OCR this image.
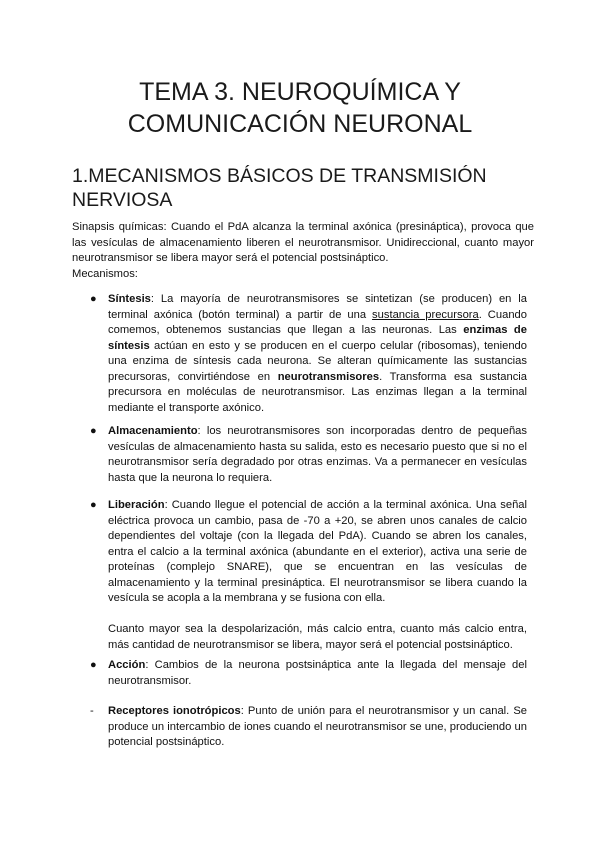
TEMA 3. NEUROQUÍMICA Y
COMUNICACIÓN NEURONAL
1.MECANISMOS BÁSICOS DE TRANSMISIÓN
NERVIOSA
Sinapsis químicas: Cuando el PdA alcanza la terminal axónica (presináptica), provoca que las vesículas de almacenamiento liberen el neurotransmisor. Unidireccional, cuanto mayor neurotransmisor se libera mayor será el potencial postsináptico.
Mecanismos:
● Síntesis: La mayoría de neurotransmisores se sintetizan (se producen) en la terminal axónica (botón terminal) a partir de una sustancia precursora. Cuando comemos, obtenemos sustancias que llegan a las neuronas. Las enzimas de síntesis actúan en esto y se producen en el cuerpo celular (ribosomas), teniendo una enzima de síntesis cada neurona. Se alteran químicamente las sustancias precursoras, convirtiéndose en neurotransmisores. Transforma esa sustancia precursora en moléculas de neurotransmisor. Las enzimas llegan a la terminal mediante el transporte axónico.

● Almacenamiento: los neurotransmisores son incorporadas dentro de pequeñas vesículas de almacenamiento hasta su salida, esto es necesario puesto que si no el neurotransmisor sería degradado por otras enzimas. Va a permanecer en vesículas hasta que la neurona lo requiera.

● Liberación: Cuando llegue el potencial de acción a la terminal axónica. Una señal eléctrica provoca un cambio, pasa de -70 a +20, se abren unos canales de calcio dependientes del voltaje (con la llegada del PdA). Cuando se abren los canales, entra el calcio a la terminal axónica (abundante en el exterior), activa una serie de proteínas (complejo SNARE), que se encuentran en las vesículas de almacenamiento y la terminal presináptica. El neurotransmisor se libera cuando la vesícula se acopla a la membrana y se fusiona con ella.

Cuanto mayor sea la despolarización, más calcio entra, cuanto más calcio entra, más cantidad de neurotransmisor se libera, mayor será el potencial postsináptico.

● Acción: Cambios de la neurona postsináptica ante la llegada del mensaje del neurotransmisor.

- Receptores ionotrópicos: Punto de unión para el neurotransmisor y un canal. Se produce un intercambio de iones cuando el neurotransmisor se une, produciendo un potencial postsináptico.
